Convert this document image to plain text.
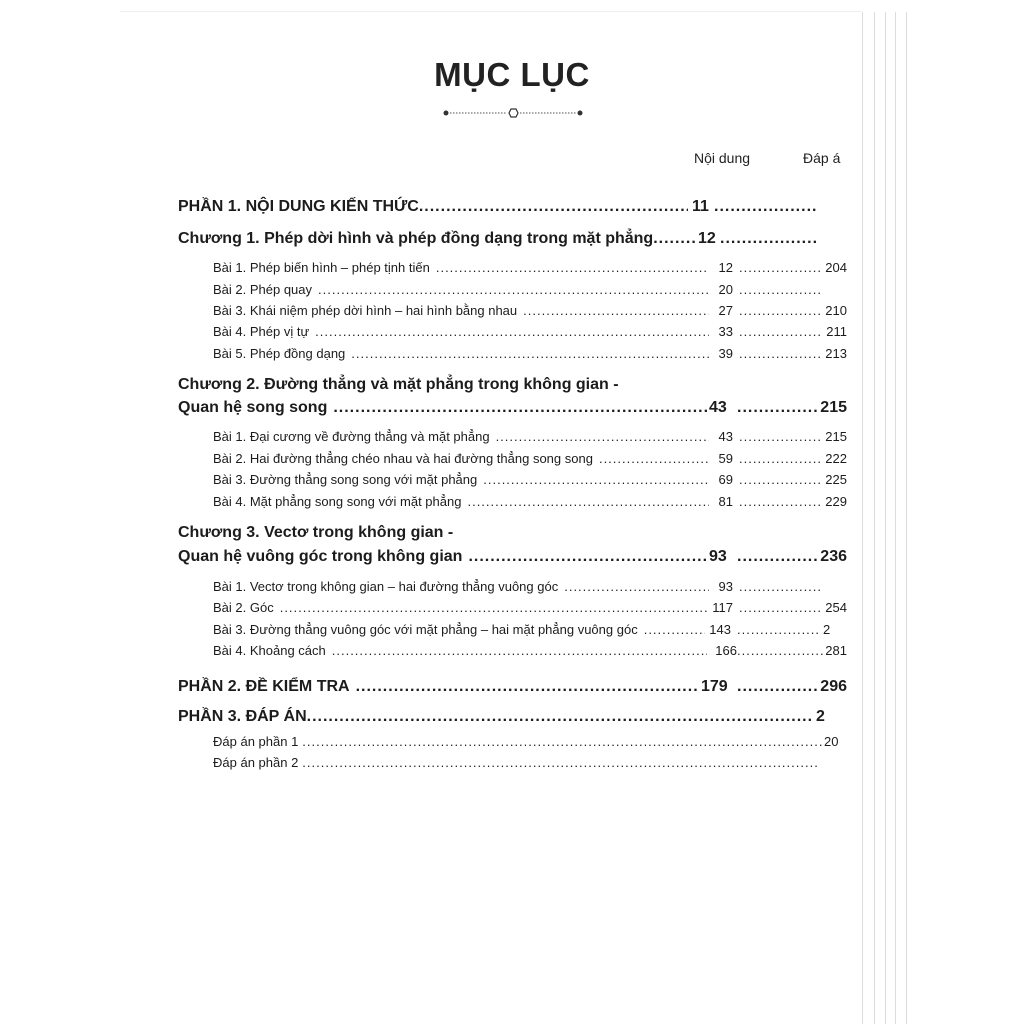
MỤC LỤC
Nội dung	Đáp á
PHẦN 1. NỘI DUNG KIẾN THỨC .....	11
.....
Chương 1. Phép dời hình và phép đồng dạng trong mặt phẳng .....	12
.....
Bài 1. Phép biến hình – phép tịnh tiến .....	12 .....	204
Bài 2. Phép quay .....	20
.....
Bài 3. Khái niệm phép dời hình – hai hình bằng nhau .....	27 .....	210
Bài 4. Phép vị tự .....	33 .....	211
Bài 5. Phép đồng dạng .....	39 .....	213
Chương 2. Đường thẳng và mặt phẳng trong không gian -
Quan hệ song song .....	43 .....	215
Bài 1. Đại cương về đường thẳng và mặt phẳng .....	43 .....	215
Bài 2. Hai đường thẳng chéo nhau và hai đường thẳng song song .....	59 .....	222
Bài 3. Đường thẳng song song với mặt phẳng .....	69 .....	225
Bài 4. Mặt phẳng song song với mặt phẳng .....	81 .....	229
Chương 3. Vectơ trong không gian -
Quan hệ vuông góc trong không gian .....	93 .....	236
Bài 1. Vectơ trong không gian – hai đường thẳng vuông góc .....	93
.....
Bài 2. Góc .....	117 .....	254
Bài 3. Đường thẳng vuông góc với mặt phẳng – hai mặt phẳng vuông góc .....	143 .....	2
Bài 4. Khoảng cách .....	166 .....	281
PHẦN 2. ĐỀ KIỂM TRA .....	179 .....	296
PHẦN 3. ĐÁP ÁN .....	2
Đáp án phần 1 .....	20
Đáp án phần 2
.....
